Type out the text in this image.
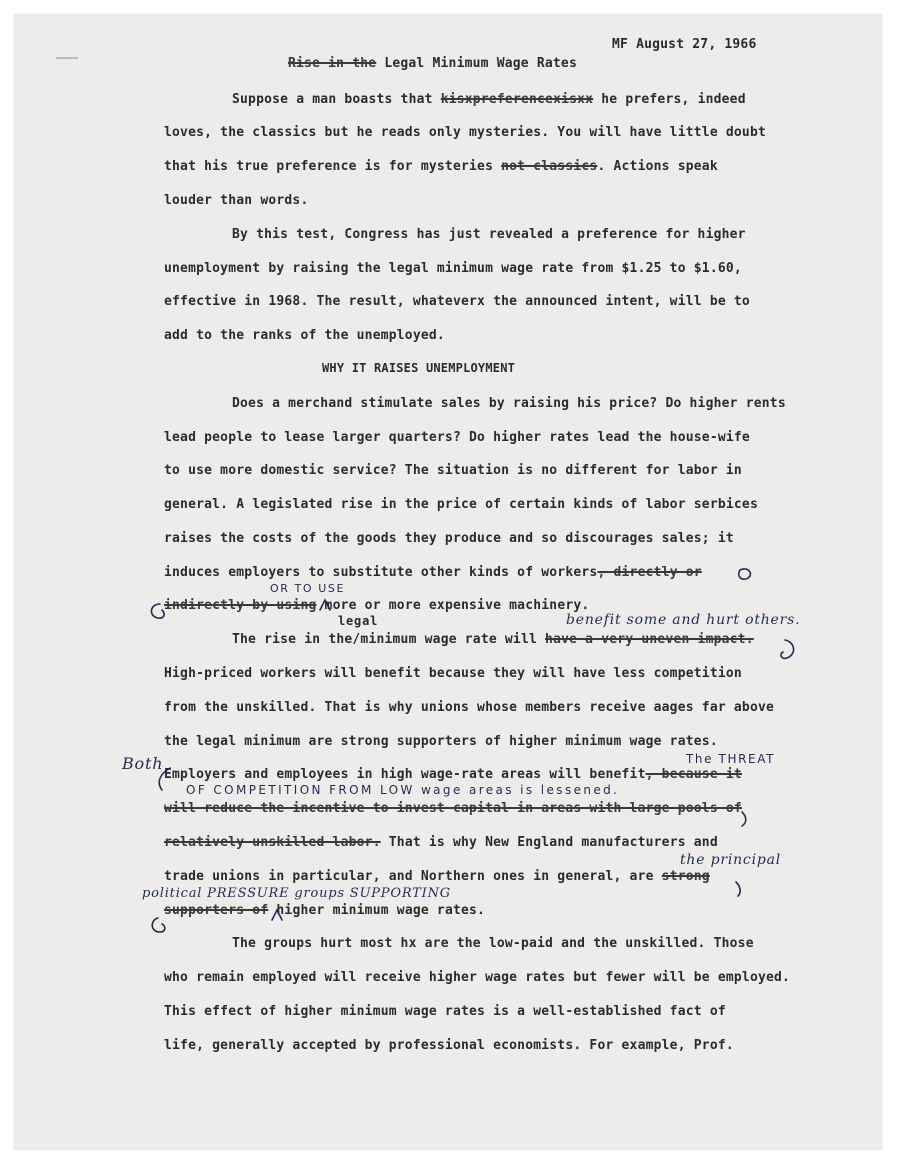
MF August 27, 1966
Rise in the Legal Minimum Wage Rates
Suppose a man boasts that kisxpreferencexisxx he prefers, indeed
loves, the classics but he reads only mysteries. You will have little doubt
that his true preference is for mysteries not classics. Actions speak
louder than words.
By this test, Congress has just revealed a preference for higher
unemployment by raising the legal minimum wage rate from $1.25 to $1.60,
effective in 1968. The result, whateverx the announced intent, will be to
add to the ranks of the unemployed.
WHY IT RAISES UNEMPLOYMENT
Does a merchand stimulate sales by raising his price? Do higher rents
lead people to lease larger quarters? Do higher rates lead the house-wife
to use more domestic service? The situation is no different for labor in
general. A legislated rise in the price of certain kinds of labor serbices
raises the costs of the goods they produce and so discourages sales; it
induces employers to substitute other kinds of workers, directly or
indirectly by using more or more expensive machinery.
The rise in the/minimum wage rate will have a very uneven impact.
High-priced workers will benefit because they will have less competition
from the unskilled. That is why unions whose members receive aages far above
the legal minimum are strong supporters of higher minimum wage rates.
Employers and employees in high wage-rate areas will benefit, because it
will reduce the incentive to invest capital in areas with large pools of
relatively unskilled labor. That is why New England manufacturers and
trade unions in particular, and Northern ones in general, are strong
supporters of higher minimum wage rates.
The groups hurt most hx are the low-paid and the unskilled. Those
who remain employed will receive higher wage rates but fewer will be employed.
This effect of higher minimum wage rates is a well-established fact of
life, generally accepted by professional economists. For example, Prof.
OR TO USE
legal	benefit some and hurt others.
Both	The THREAT
OF COMPETITION FROM LOW wage areas is lessened.
the principal
political PRESSURE groups SUPPORTING
